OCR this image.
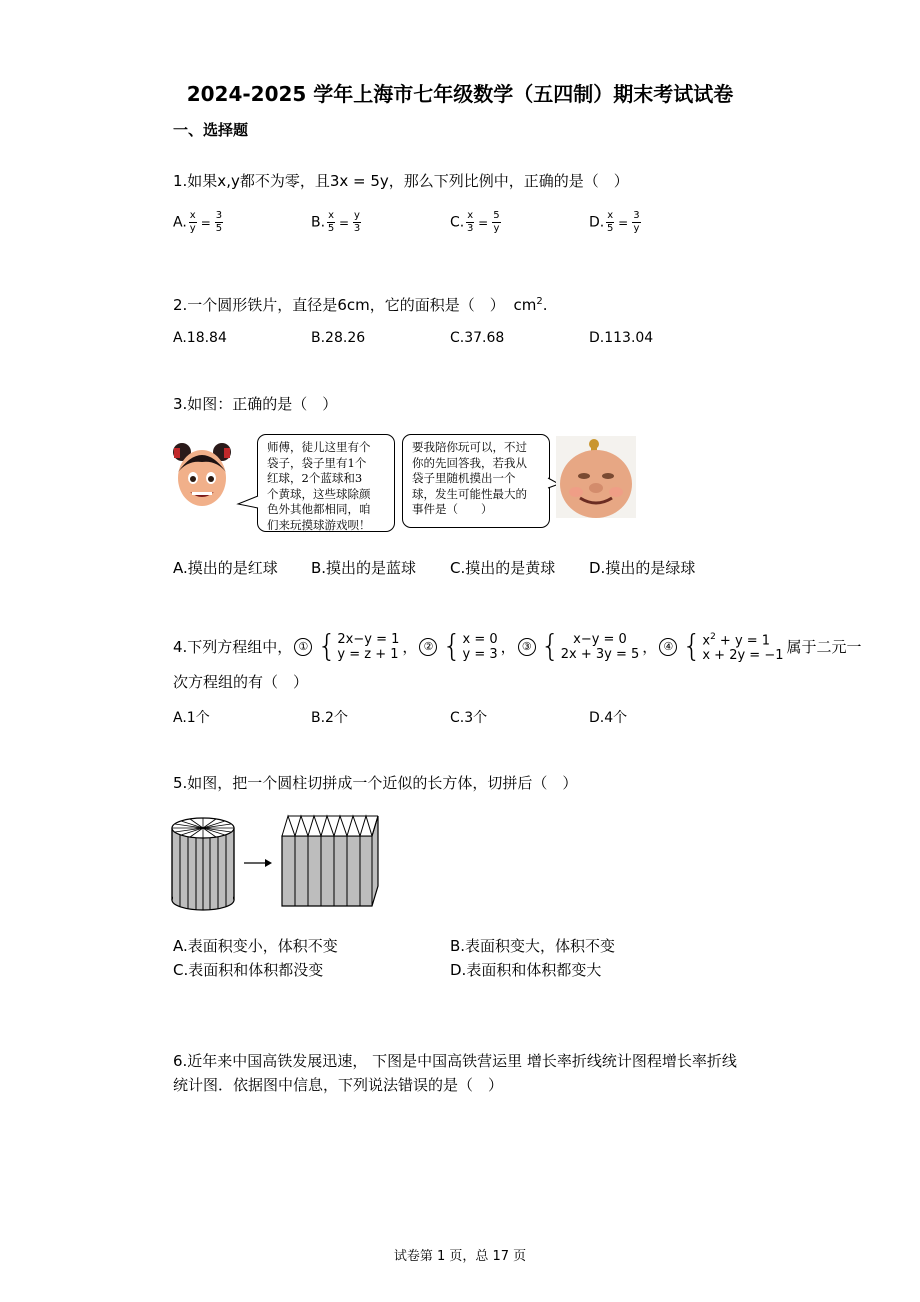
2024-2025 学年上海市七年级数学（五四制）期末考试试卷
一、选择题
1.如果x,y都不为零，且3x = 5y，那么下列比例中，正确的是（　）
A. $\frac{x}{y} = \frac{3}{5}$	B. $\frac{x}{5} = \frac{y}{3}$	C. $\frac{x}{3} = \frac{5}{y}$	D. $\frac{x}{5} = \frac{3}{y}$
2.一个圆形铁片，直径是6cm，它的面积是（　） $cm^2$.
A.18.84	B.28.26	C.37.68	D.113.04
3.如图：正确的是（　）
师傅，徒儿这里有个
袋子，袋子里有1个
红球，2个蓝球和3
个黄球，这些球除颜
色外其他都相同，咱
们来玩摸球游戏呗！
要我陪你玩可以，不过
你的先回答我，若我从
袋子里随机摸出一个
球，发生可能性最大的
事件是（　　）
A.摸出的是红球 B.摸出的是蓝球 C.摸出的是黄球 D.摸出的是绿球
4.下列方程组中， ① { 2x−y = 1
y = z + 1 ， ② { x = 0
y = 3 ， ③ {	x−y = 0
2x + 3y = 5 ， ④ { $x^2 + y = 1$
x + 2y = −1 属于二元一
次方程组的有（　）
A.1个	B.2个	C.3个	D.4个
5.如图，把一个圆柱切拼成一个近似的长方体，切拼后（　）
A.表面积变小，体积不变	B.表面积变大，体积不变
C.表面积和体积都没变	D.表面积和体积都变大
6.近年来中国高铁发展迅速， 下图是中国高铁营运里 增长率折线统计图程增长率折线
统计图．依据图中信息，下列说法错误的是（　）
试卷第 1 页，总 17 页
